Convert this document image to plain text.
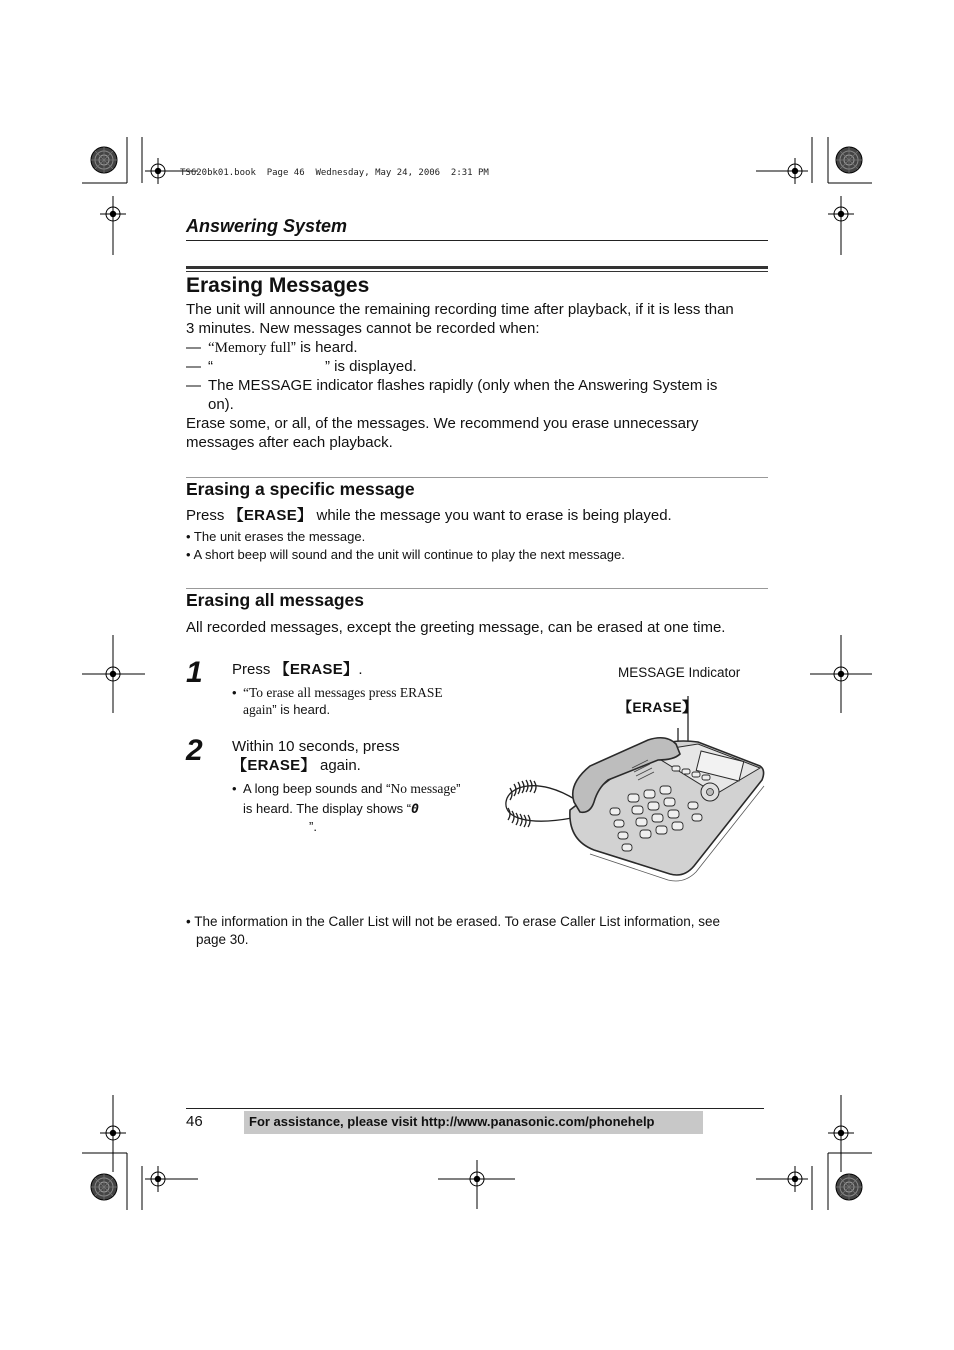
TS620bk01.book  Page 46  Wednesday, May 24, 2006  2:31 PM
Answering System
Erasing Messages
The unit will announce the remaining recording time after playback, if it is less than
3 minutes. New messages cannot be recorded when:
— “Memory full” is heard.
— “	” is displayed.
— The MESSAGE indicator flashes rapidly (only when the Answering System is
on).
Erase some, or all, of the messages. We recommend you erase unnecessary
messages after each playback.
Erasing a specific message
Press 【ERASE】 while the message you want to erase is being played.
• The unit erases the message.
• A short beep will sound and the unit will continue to play the next message.
Erasing all messages
All recorded messages, except the greeting message, can be erased at one time.
1 Press 【ERASE】.
• “To erase all messages press ERASE
again” is heard.
2 Within 10 seconds, press
【ERASE】 again.
• A long beep sounds and “No message”
is heard. The display shows “0
”.
MESSAGE Indicator
【ERASE】
• The information in the Caller List will not be erased. To erase Caller List information, see
page 30.
46	For assistance, please visit http://www.panasonic.com/phonehelp
